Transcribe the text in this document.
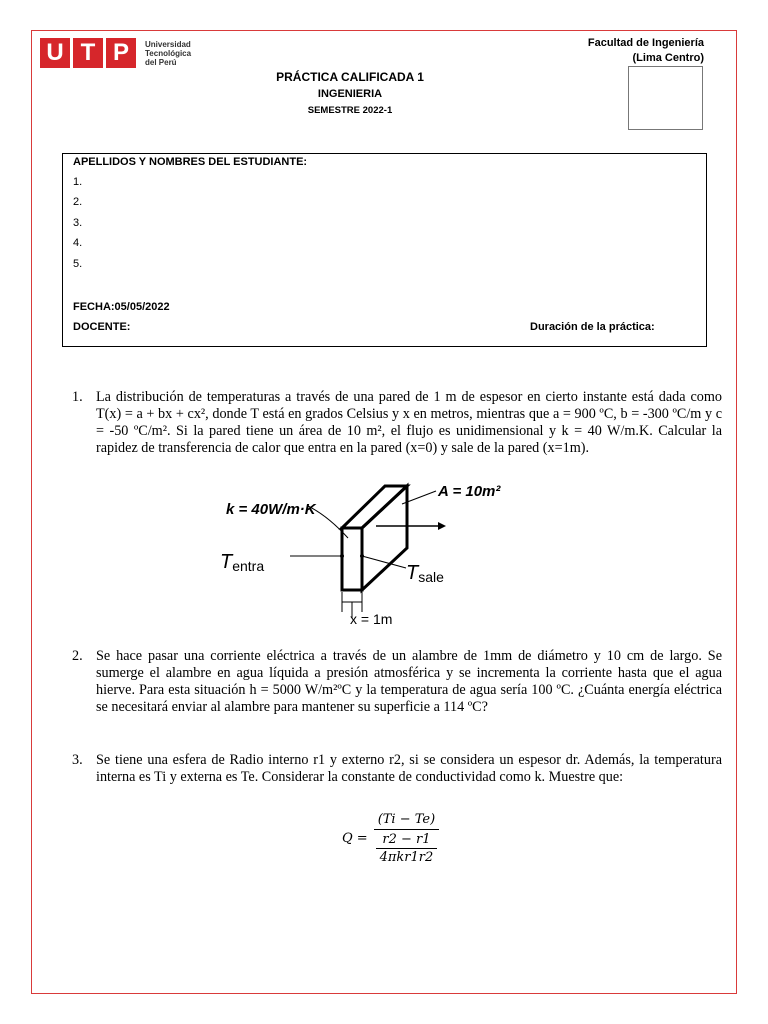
U T P	Universidad
Tecnológica
del Perú
Facultad de Ingeniería
(Lima Centro)
PRÁCTICA CALIFICADA 1
INGENIERIA
SEMESTRE 2022-1
APELLIDOS Y NOMBRES DEL ESTUDIANTE:
1.
2.
3.
4.
5.
FECHA:05/05/2022
DOCENTE:	Duración de la práctica:
1. La distribución de temperaturas a través de una pared de 1 m de espesor en cierto instante está dada como T(x) = a + bx + cx², donde T está en grados Celsius y x en metros, mientras que a = 900 ºC, b = -300 ºC/m y c = -50 ºC/m². Si la pared tiene un área de 10 m², el flujo es unidimensional y k = 40 W/m.K. Calcular la rapidez de transferencia de calor que entra en la pared (x=0) y sale de la pared (x=1m).
k = 40W/m·K
A = 10m²
Tentra	Tsale
x = 1m
2. Se hace pasar una corriente eléctrica a través de un alambre de 1mm de diámetro y 10 cm de largo. Se sumerge el alambre en agua líquida a presión atmosférica y se incrementa la corriente hasta que el agua hierve. Para esta situación h = 5000 W/m²ºC y la temperatura de agua sería 100 ºC. ¿Cuánta energía eléctrica se necesitará enviar al alambre para mantener su superficie a 114 ºC?
3. Se tiene una esfera de Radio interno r1 y externo r2, si se considera un espesor dr. Además, la temperatura interna es Ti y externa es Te. Considerar la constante de conductividad como k. Muestre que:
Q =
(Ti − Te)
r2 − r1
4πkr1r2
